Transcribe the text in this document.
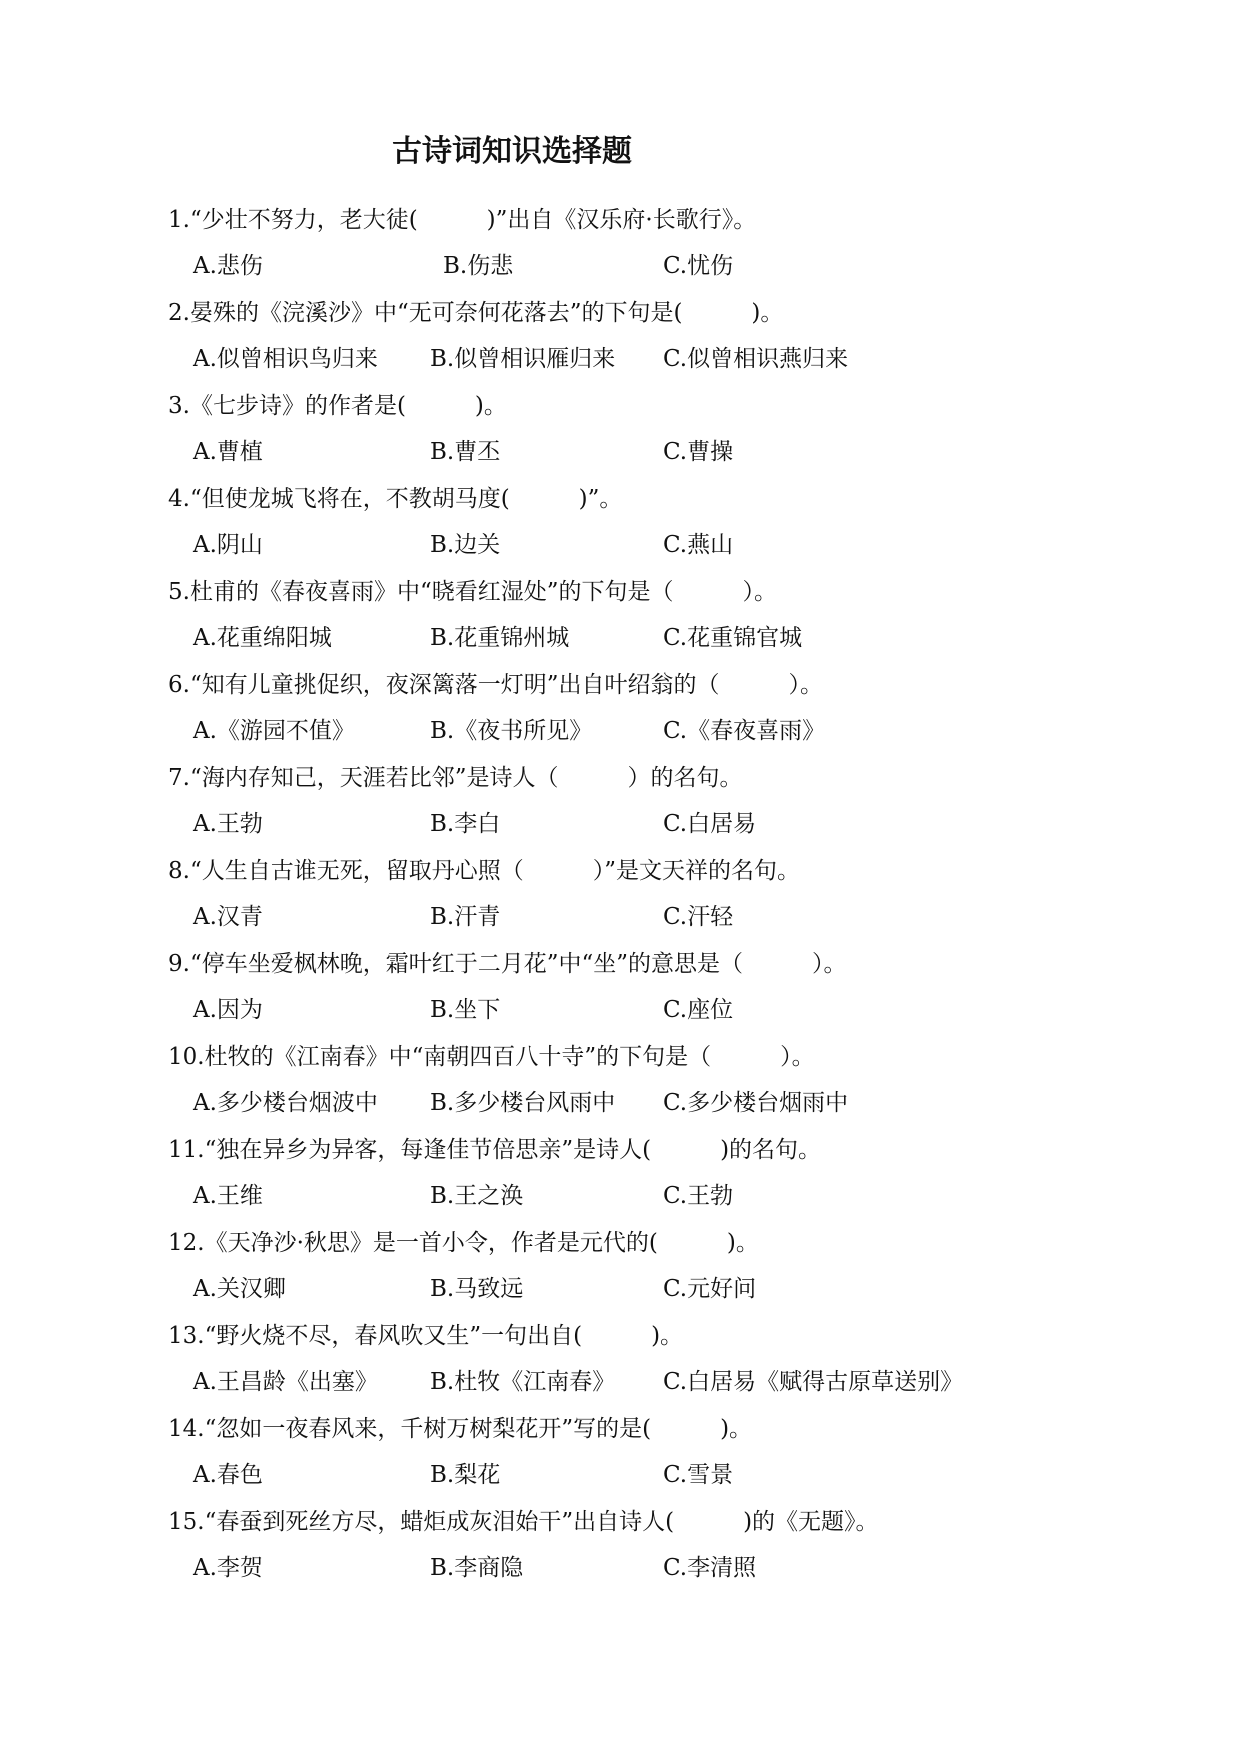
古诗词知识选择题
1.“少壮不努力，老大徒(　　　)”出自《汉乐府·长歌行》。
A.悲伤	B.伤悲	C.忧伤
2.晏殊的《浣溪沙》中“无可奈何花落去”的下句是(　　　)。
A.似曾相识鸟归来 B.似曾相识雁归来 C.似曾相识燕归来
3.《七步诗》的作者是(　　　)。
A.曹植	B.曹丕	C.曹操
4.“但使龙城飞将在，不教胡马度(　　　)”。
A.阴山	B.边关	C.燕山
5.杜甫的《春夜喜雨》中“晓看红湿处”的下句是（　　　）。
A.花重绵阳城	B.花重锦州城	C.花重锦官城
6.“知有儿童挑促织，夜深篱落一灯明”出自叶绍翁的（　　　）。
A.《游园不值》	B.《夜书所见》	C.《春夜喜雨》
7.“海内存知己，天涯若比邻”是诗人（　　　）的名句。
A.王勃	B.李白	C.白居易
8.“人生自古谁无死，留取丹心照（　　　）”是文天祥的名句。
A.汉青	B.汗青	C.汗轻
9.“停车坐爱枫林晚，霜叶红于二月花”中“坐”的意思是（　　　）。
A.因为	B.坐下	C.座位
10.杜牧的《江南春》中“南朝四百八十寺”的下句是（　　　）。
A.多少楼台烟波中 B.多少楼台风雨中 C.多少楼台烟雨中
11.“独在异乡为异客，每逢佳节倍思亲”是诗人(　　　)的名句。
A.王维	B.王之涣	C.王勃
12.《天净沙·秋思》是一首小令，作者是元代的(　　　)。
A.关汉卿	B.马致远	C.元好问
13.“野火烧不尽，春风吹又生”一句出自(　　　)。
A.王昌龄《出塞》 B.杜牧《江南春》 C.白居易《赋得古原草送别》
14.“忽如一夜春风来，千树万树梨花开”写的是(　　　)。
A.春色	B.梨花	C.雪景
15.“春蚕到死丝方尽，蜡炬成灰泪始干”出自诗人(　　　)的《无题》。
A.李贺	B.李商隐	C.李清照
